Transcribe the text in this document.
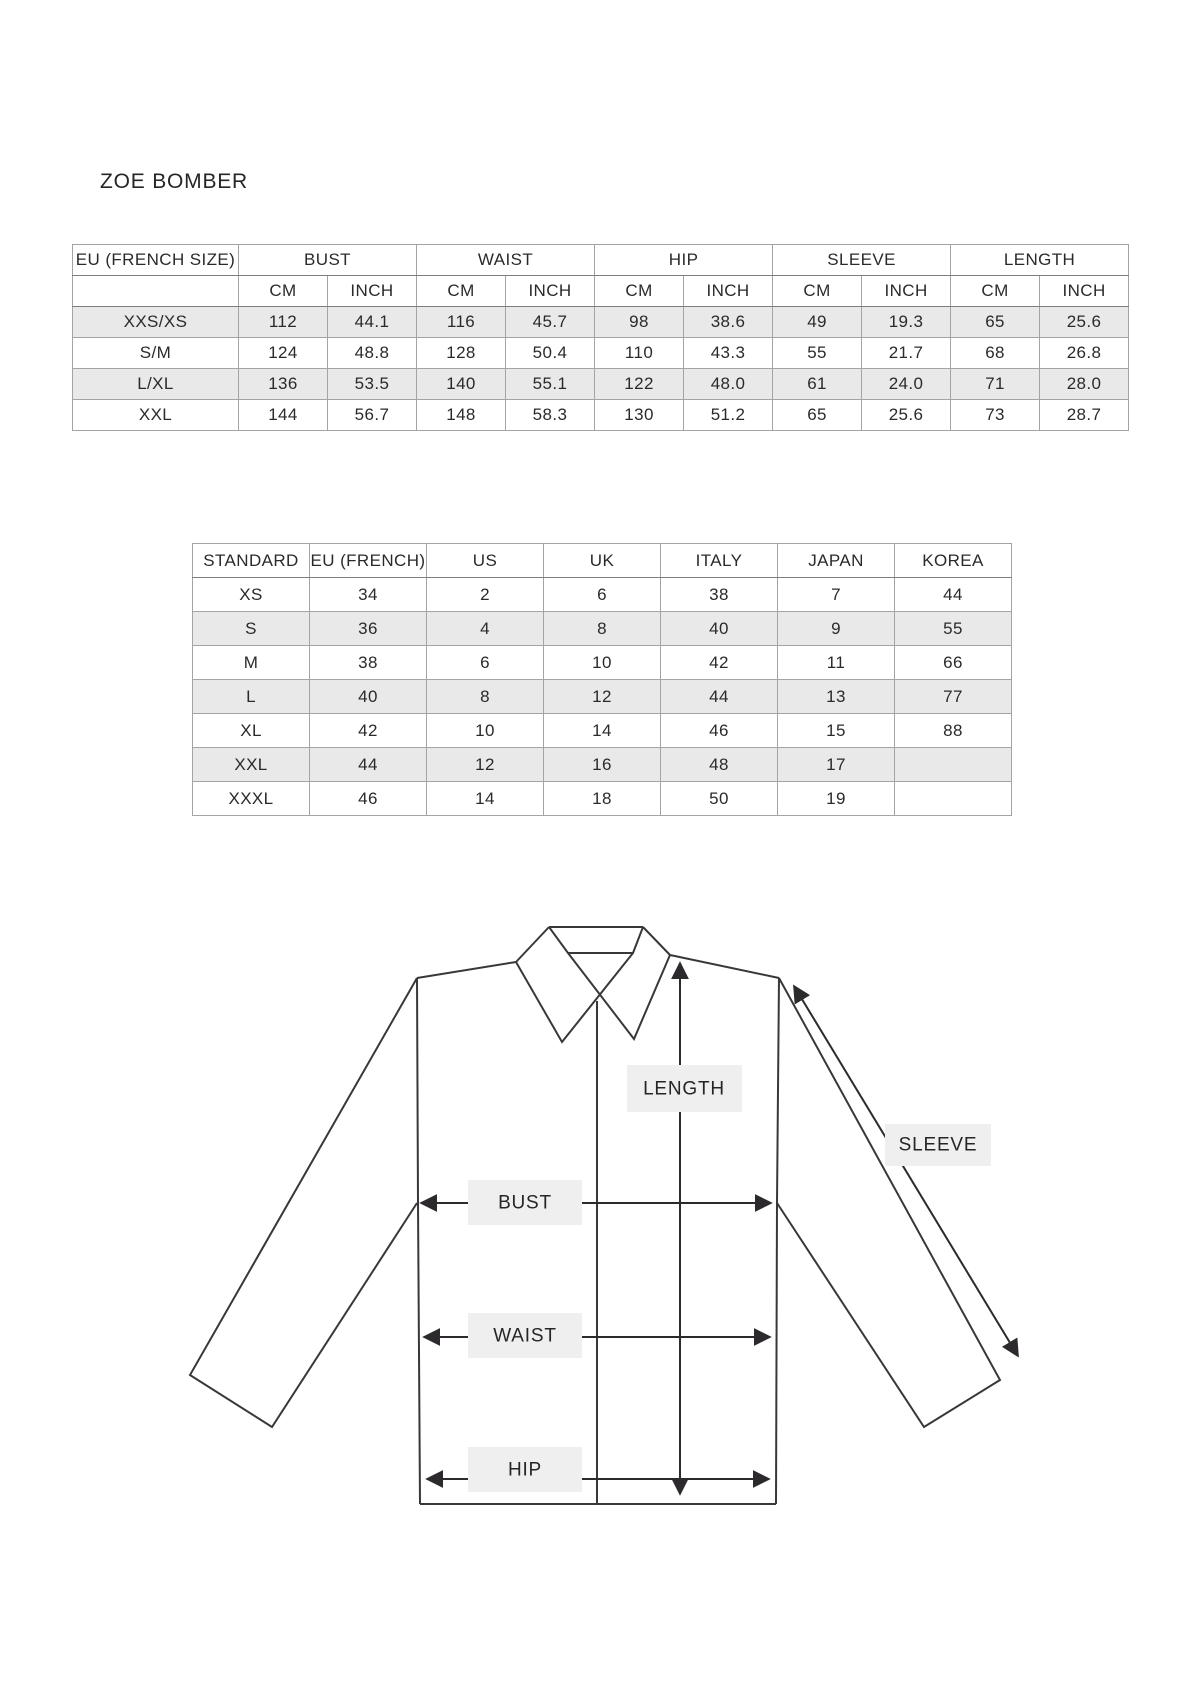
ZOE BOMBER
EU (FRENCH SIZE)	BUST		WAIST		HIP		SLEEVE		LENGTH	
	CM	INCH	CM	INCH	CM	INCH	CM	INCH	CM	INCH
XXS/XS	112	44.1	116	45.7	98	38.6	49	19.3	65	25.6
S/M	124	48.8	128	50.4	110	43.3	55	21.7	68	26.8
L/XL	136	53.5	140	55.1	122	48.0	61	24.0	71	28.0
XXL	144	56.7	148	58.3	130	51.2	65	25.6	73	28.7
STANDARD	EU (FRENCH)	US	UK	ITALY	JAPAN	KOREA
XS	34	2	6	38	7	44
S	36	4	8	40	9	55
M	38	6	10	42	11	66
L	40	8	12	44	13	77
XL	42	10	14	46	15	88
XXL	44	12	16	48	17	
XXXL	46	14	18	50	19	
LENGTH
SLEEVE
BUST
WAIST
HIP
